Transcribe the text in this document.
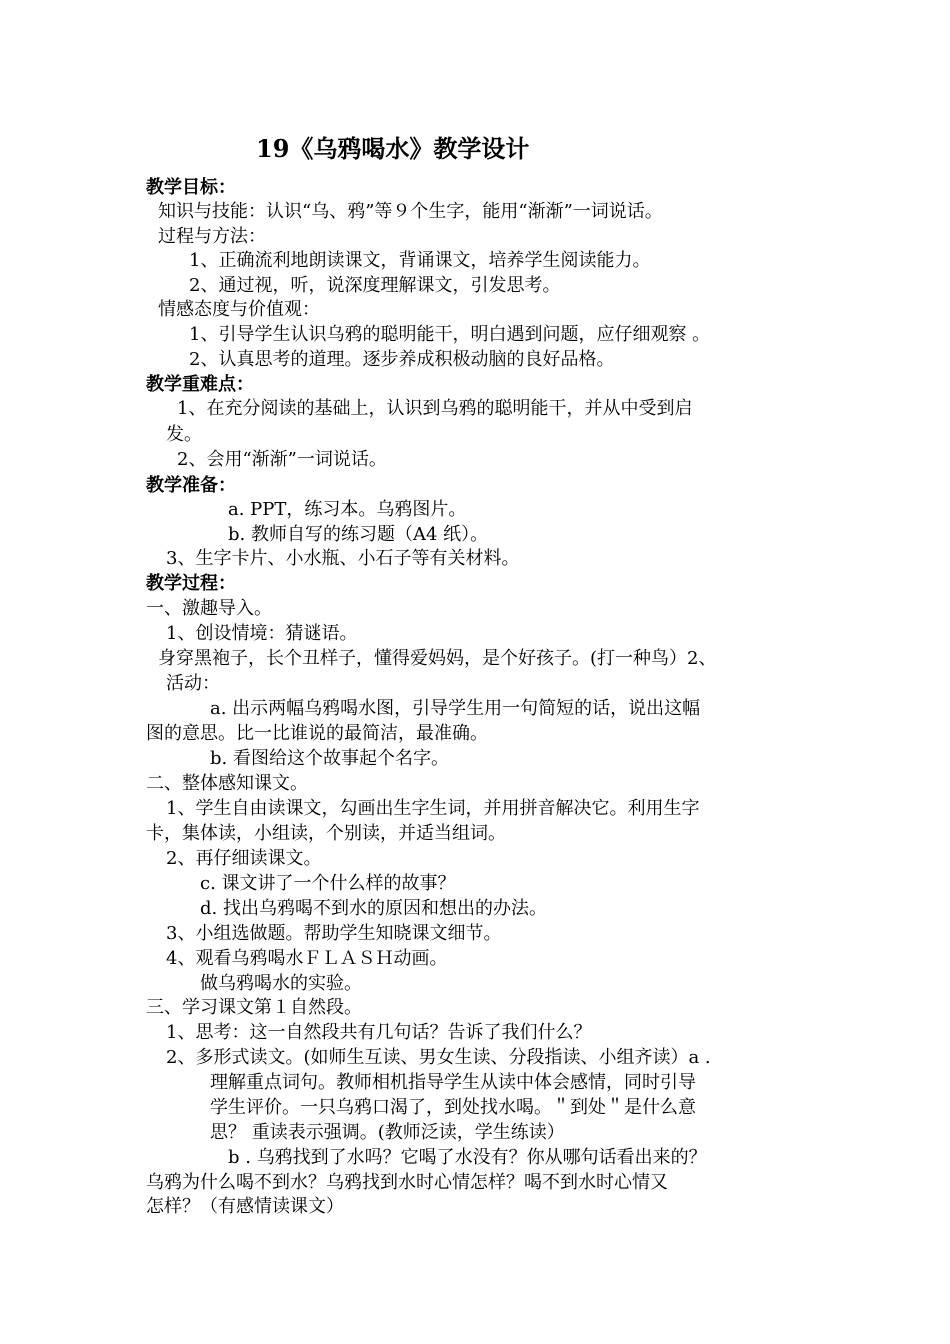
19《乌鸦喝水》教学设计
教学目标：
知识与技能：认识“乌、鸦”等９个生字，能用“渐渐”一词说话。
过程与方法：
1、正确流利地朗读课文，背诵课文，培养学生阅读能力。
2、通过视，听，说深度理解课文，引发思考。
情感态度与价值观：
1、引导学生认识乌鸦的聪明能干，明白遇到问题，应仔细观察 。
2、认真思考的道理。逐步养成积极动脑的良好品格。
教学重难点：
1、在充分阅读的基础上，认识到乌鸦的聪明能干，并从中受到启
发。
2、会用“渐渐”一词说话。
教学准备：
a. PPT，练习本。乌鸦图片。
b. 教师自写的练习题（A4 纸）。
3、生字卡片、小水瓶、小石子等有关材料。
教学过程：
一、激趣导入。
1、创设情境：猜谜语。
身穿黑袍子，长个丑样子，懂得爱妈妈，是个好孩子。(打一种鸟）2、
活动：
a. 出示两幅乌鸦喝水图，引导学生用一句简短的话，说出这幅
图的意思。比一比谁说的最简洁，最准确。
b. 看图给这个故事起个名字。
二、整体感知课文。
1、学生自由读课文，勾画出生字生词，并用拼音解决它。利用生字
卡，集体读，小组读，个别读，并适当组词。
2、再仔细读课文。
c. 课文讲了一个什么样的故事？
d. 找出乌鸦喝不到水的原因和想出的办法。
3、小组选做题。帮助学生知晓课文细节。
4、观看乌鸦喝水ＦＬＡＳＨ动画。
做乌鸦喝水的实验。
三、学习课文第１自然段。
1、思考：这一自然段共有几句话？告诉了我们什么？
2、多形式读文。(如师生互读、男女生读、分段指读、小组齐读）a .
理解重点词句。教师相机指导学生从读中体会感情，同时引导
学生评价。一只乌鸦口渴了，到处找水喝。＂到处＂是什么意
思？ 重读表示强调。(教师泛读，学生练读）
b . 乌鸦找到了水吗？它喝了水没有？你从哪句话看出来的？
乌鸦为什么喝不到水？乌鸦找到水时心情怎样？喝不到水时心情又
怎样？（有感情读课文）
